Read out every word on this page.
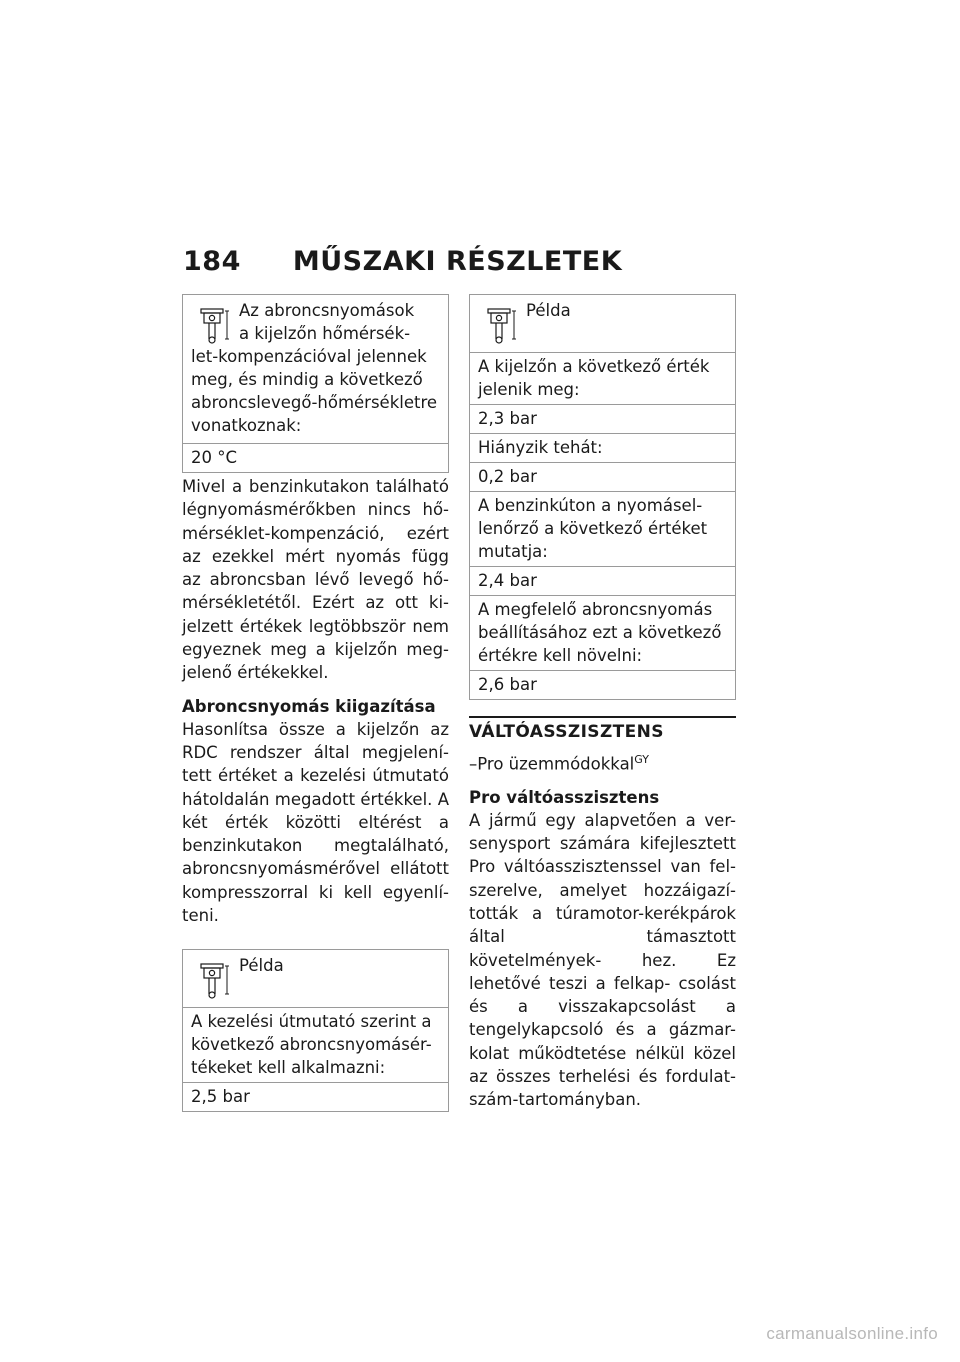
184 MŰSZAKI RÉSZLETEK
Az abroncsnyomások a kijelzőn hőmérsék-
let-kompenzációval jelennek meg, és mindig a következő abroncslevegő-hőmérsékletre vonatkoznak:
20 °C

Mivel a benzinkutakon található légnyomásmérőkben nincs hő- mérséklet-kompenzáció, ezért az ezekkel mért nyomás függ az abroncsban lévő levegő hő- mérsékletétől. Ezért az ott ki- jelzett értékek legtöbbször nem egyeznek meg a kijelzőn meg- jelenő értékekkel.

Abroncsnyomás kiigazítása

Hasonlítsa össze a kijelzőn az RDC rendszer által megjelení- tett értéket a kezelési útmutató hátoldalán megadott értékkel. A két érték közötti eltérést a benzinkutakon megtalálható, abroncsnyomásmérővel ellátott kompresszorral ki kell egyenlí- teni.

Példa
A kezelési útmutató szerint a következő abroncsnyomásér- tékeket kell alkalmazni:
2,5 bar
Példa
A kijelzőn a következő érték jelenik meg:
2,3 bar
Hiányzik tehát:
0,2 bar
A benzinkúton a nyomásel- lenőrző a következő értéket mutatja:
2,4 bar
A megfelelő abroncsnyomás beállításához ezt a következő értékre kell növelni:
2,6 bar
VÁLTÓASSZISZTENS

–Pro üzemmódokkal$^{GY}$

Pro váltóasszisztens

A jármű egy alapvetően a ver- senysport számára kifejlesztett Pro váltóasszisztenssel van fel- szerelve, amelyet hozzáigazí- tották a túramotor-kerékpárok által támasztott követelmények- hez. Ez lehetővé teszi a felkap- csolást és a visszakapcsolást a tengelykapcsoló és a gázmar- kolat működtetése nélkül közel az összes terhelési és fordulat- szám-tartományban.

carmanualsonline.info
